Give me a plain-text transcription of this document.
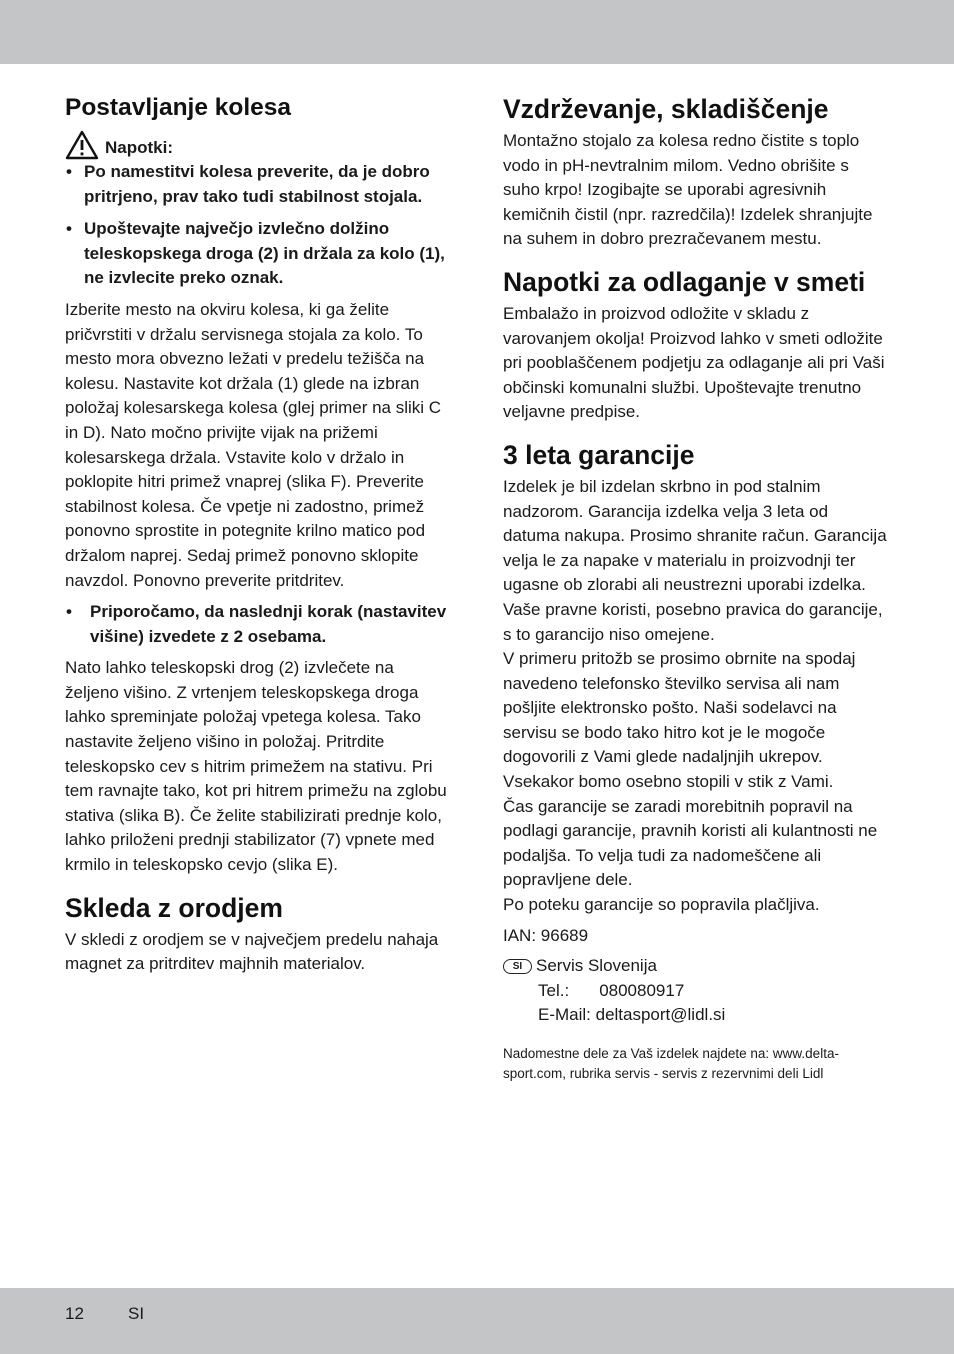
Postavljanje kolesa
Napotki:
• Po namestitvi kolesa preverite, da je dobro pritrjeno, prav tako tudi stabilnost stojala.
• Upoštevajte največjo izvlečno dolžino teleskopskega droga (2) in držala za kolo (1), ne izvlecite preko oznak.

Izberite mesto na okviru kolesa, ki ga želite pričvrstiti v držalu servisnega stojala za kolo. To mesto mora obvezno ležati v predelu težišča na kolesu. Nastavite kot držala (1) glede na izbran položaj kolesarskega kolesa (glej primer na sliki C in D). Nato močno privijte vijak na prižemi kolesarskega držala. Vstavite kolo v držalo in poklopite hitri primež vnaprej (slika F). Preverite stabilnost kolesa. Če vpetje ni zadostno, primež ponovno sprostite in potegnite krilno matico pod držalom naprej. Sedaj primež ponovno sklopite navzdol. Ponovno preverite pritdritev.

• Priporočamo, da naslednji korak (nastavitev višine) izvedete z 2 osebama.

Nato lahko teleskopski drog (2) izvlečete na željeno višino. Z vrtenjem teleskopskega droga lahko spreminjate položaj vpetega kolesa. Tako nastavite željeno višino in položaj. Pritrdite teleskopsko cev s hitrim primežem na stativu. Pri tem ravnajte tako, kot pri hitrem primežu na zglobu stativa (slika B). Če želite stabilizirati prednje kolo, lahko priloženi prednji stabilizator (7) vpnete med krmilo in teleskopsko cevjo (slika E).

Skleda z orodjem

V skledi z orodjem se v največjem predelu nahaja magnet za pritrditev majhnih materialov.

Vzdrževanje, skladiščenje

Montažno stojalo za kolesa redno čistite s toplo vodo in pH-nevtralnim milom. Vedno obrišite s suho krpo! Izogibajte se uporabi agresivnih kemičnih čistil (npr. razredčila)! Izdelek shranjujte na suhem in dobro prezračevanem mestu.

Napotki za odlaganje v smeti

Embalažo in proizvod odložite v skladu z varovanjem okolja! Proizvod lahko v smeti odložite pri pooblaščenem podjetju za odlaganje ali pri Vaši občinski komunalni službi. Upoštevajte trenutno veljavne predpise.

3 leta garancije

Izdelek je bil izdelan skrbno in pod stalnim nadzorom. Garancija izdelka velja 3 leta od datuma nakupa. Prosimo shranite račun. Garancija velja le za napake v materialu in proizvodnji ter ugasne ob zlorabi ali neustrezni uporabi izdelka. Vaše pravne koristi, posebno pravica do garancije, s to garancijo niso omejene.

V primeru pritožb se prosimo obrnite na spodaj navedeno telefonsko številko servisa ali nam pošljite elektronsko pošto. Naši sodelavci na servisu se bodo tako hitro kot je le mogoče dogovorili z Vami glede nadaljnjih ukrepov. Vsekakor bomo osebno stopili v stik z Vami.

Čas garancije se zaradi morebitnih popravil na podlagi garancije, pravnih koristi ali kulantnosti ne podaljša. To velja tudi za nadomeščene ali popravljene dele.

Po poteku garancije so popravila plačljiva.

IAN: 96689

SI Servis Slovenija
Tel.: 080080917
E-Mail: deltasport@lidl.si

Nadomestne dele za Vaš izdelek najdete na: www.delta-sport.com, rubrika servis - servis z rezervnimi deli Lidl

12	SI
